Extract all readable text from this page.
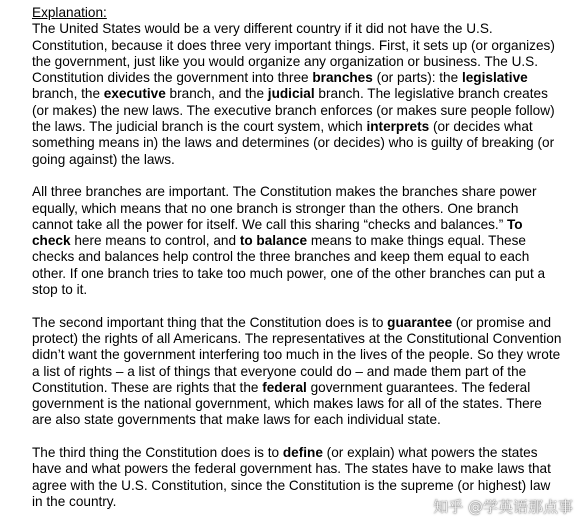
Explanation:

The United States would be a very different country if it did not have the U.S. Constitution, because it does three very important things. First, it sets up (or organizes) the government, just like you would organize any organization or business. The U.S. Constitution divides the government into three branches (or parts): the legislative branch, the executive branch, and the judicial branch. The legislative branch creates (or makes) the new laws. The executive branch enforces (or makes sure people follow) the laws. The judicial branch is the court system, which interprets (or decides what something means in) the laws and determines (or decides) who is guilty of breaking (or going against) the laws.

All three branches are important. The Constitution makes the branches share power equally, which means that no one branch is stronger than the others. One branch cannot take all the power for itself. We call this sharing “checks and balances.” To check here means to control, and to balance means to make things equal. These checks and balances help control the three branches and keep them equal to each other. If one branch tries to take too much power, one of the other branches can put a stop to it.

The second important thing that the Constitution does is to guarantee (or promise and protect) the rights of all Americans. The representatives at the Constitutional Convention didn’t want the government interfering too much in the lives of the people. So they wrote a list of rights – a list of things that everyone could do – and made them part of the Constitution. These are rights that the federal government guarantees. The federal government is the national government, which makes laws for all of the states. There are also state governments that make laws for each individual state.

The third thing the Constitution does is to define (or explain) what powers the states have and what powers the federal government has. The states have to make laws that agree with the U.S. Constitution, since the Constitution is the supreme (or highest) law in the country.	知乎 @学英语那点事
